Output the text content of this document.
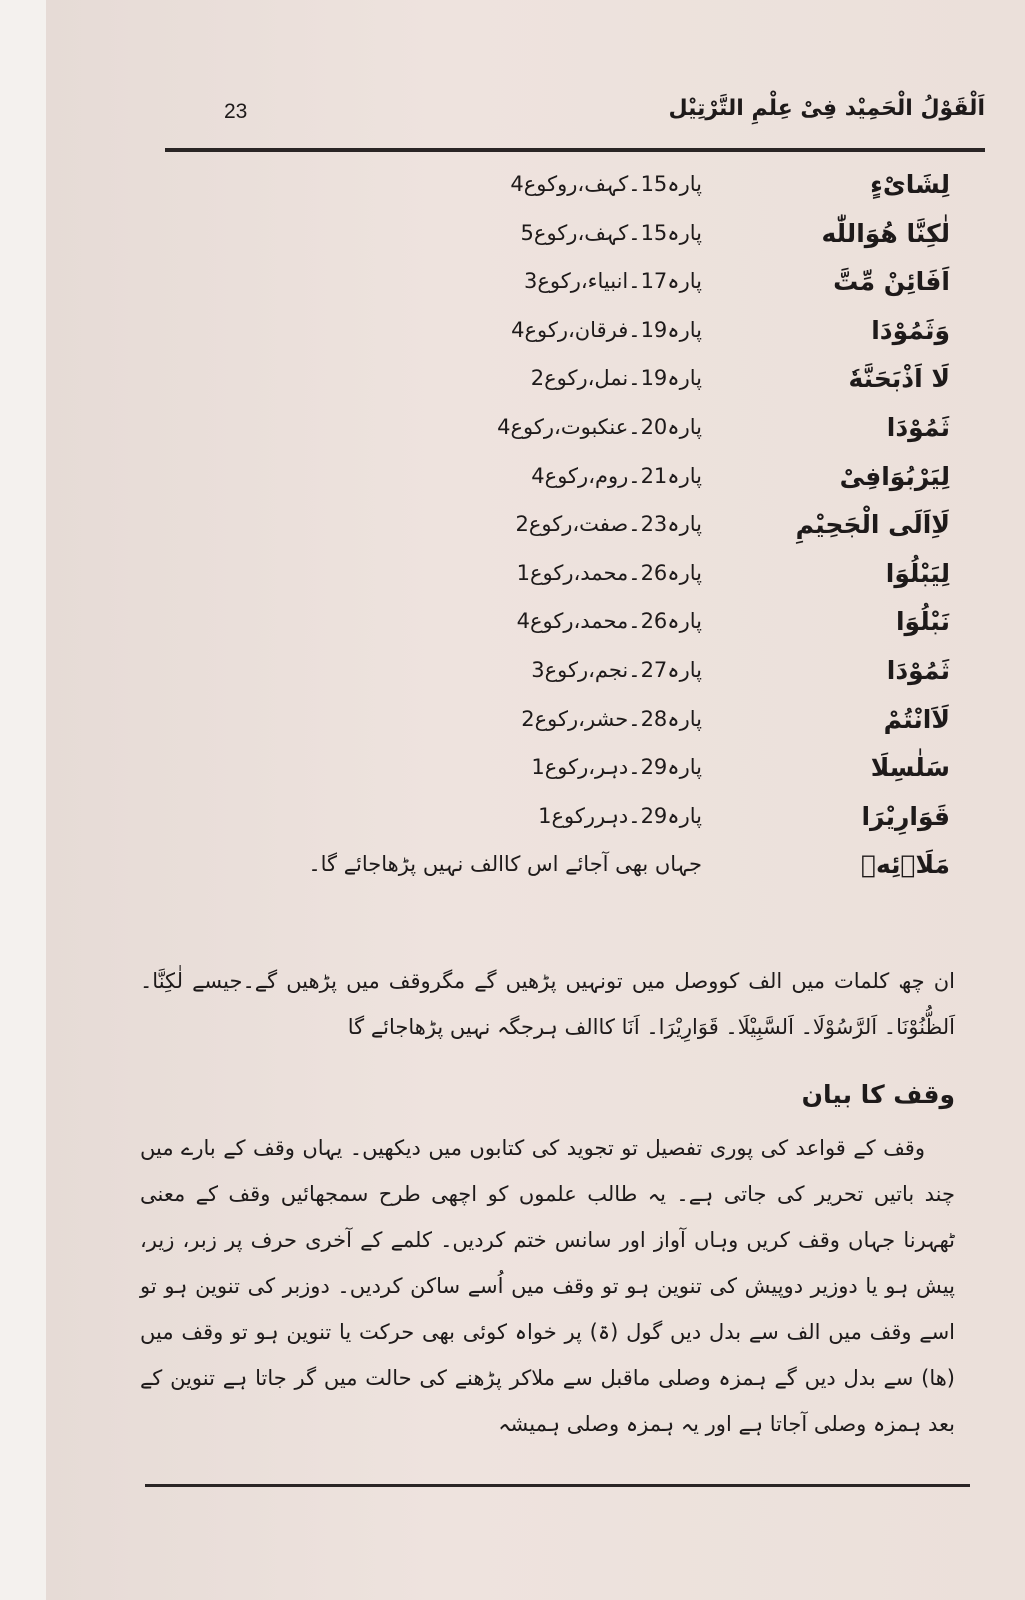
23	اَلْقَوْلُ الْحَمِیْد فِیْ عِلْمِ التَّرْتِیْل
لِشَایْءٍ
پارہ15۔کہف،روکوع4
لٰکِنَّا هُوَاللّٰه
پارہ15۔کہف،رکوع5
اَفَائِنْ مِّتَّ
پارہ17۔انبیاء،رکوع3
وَثَمُوْدَا
پارہ19۔فرقان،رکوع4
لَا اَذْبَحَنَّهٗ
پارہ19۔نمل،رکوع2
ثَمُوْدَا
پارہ20۔عنکبوت،رکوع4
لِیَرْبُوَافِیْ
پارہ21۔روم،رکوع4
لَاِاَلَی الْجَحِیْمِ
پارہ23۔صفت،رکوع2
لِیَبْلُوَا
پارہ26۔محمد،رکوع1
نَبْلُوَا
پارہ26۔محمد،رکوع4
ثَمُوْدَا
پارہ27۔نجم،رکوع3
لَاَانْتُمْ
پارہ28۔حشر،رکوع2
سَلٰسِلَا
پارہ29۔دہر،رکوع1
قَوَارِیْرَا
پارہ29۔دہررکوع1
مَلَا۟ئِهٖ
جہاں بھی آجائے اس کاالف نہیں پڑھاجائے گا۔
ان چھ کلمات میں الف کووصل میں تونہیں پڑھیں گے مگروقف میں پڑھیں گے۔جیسے لٰکِنَّا۔ اَلظُّنُوْنَا۔ اَلرَّسُوْلَا۔ اَلسَّبِیْلَا۔ قَوَارِیْرَا۔ اَنَا کاالف ہرجگہ نہیں پڑھاجائے گا
وقف کا بیان
وقف کے قواعد کی پوری تفصیل تو تجوید کی کتابوں میں دیکھیں۔ یہاں وقف کے بارے میں چند باتیں تحریر کی جاتی ہے۔ یہ طالب علموں کو اچھی طرح سمجھائیں وقف کے معنی ٹھہرنا جہاں وقف کریں وہاں آواز اور سانس ختم کردیں۔ کلمے کے آخری حرف پر زبر، زیر، پیش ہو یا دوزیر دوپیش کی تنوین ہو تو وقف میں اُسے ساکن کردیں۔ دوزبر کی تنوین ہو تو اسے وقف میں الف سے بدل دیں گول (ۃ) پر خواہ کوئی بھی حرکت یا تنوین ہو تو وقف میں (ھا) سے بدل دیں گے ہمزہ وصلی ماقبل سے ملاکر پڑھنے کی حالت میں گر جاتا ہے تنوین کے بعد ہمزہ وصلی آجاتا ہے اور یہ ہمزہ وصلی ہمیشہ
